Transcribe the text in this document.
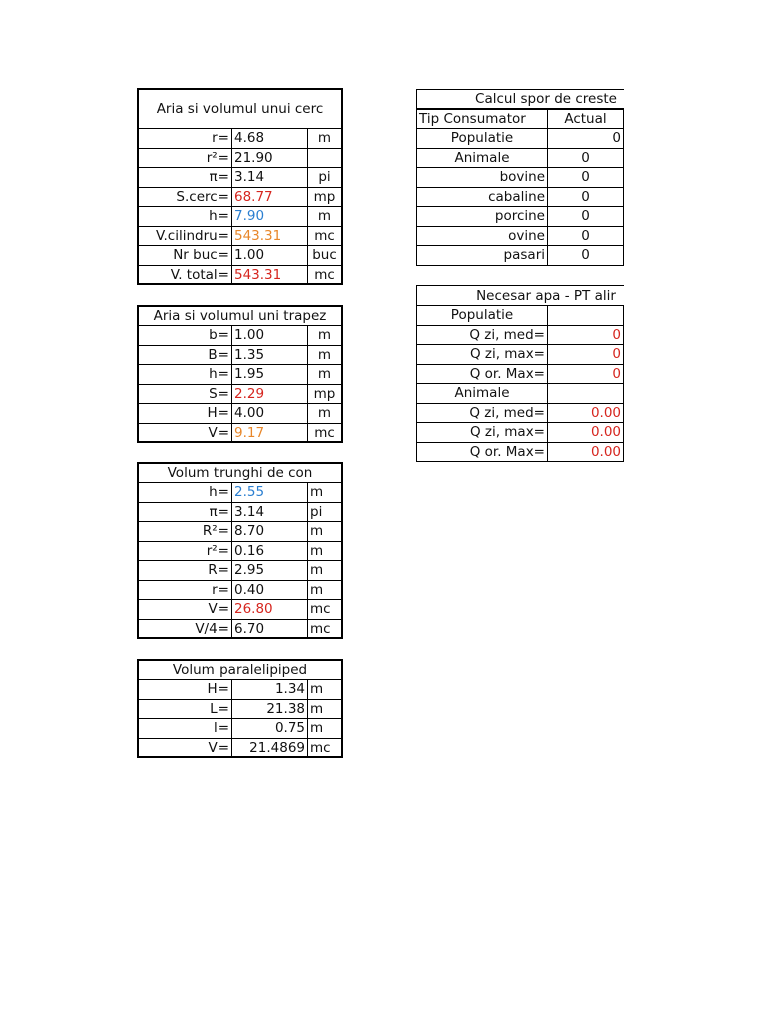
Aria si volumul unui cerc
r= 4.68	m
r²= 21.90
π= 3.14	pi
S.cerc= 68.77	mp
h= 7.90	m
V.cilindru= 543.31	mc
Nr buc= 1.00	buc
V. total= 543.31	mc
Aria si volumul uni trapez
b= 1.00	m
B= 1.35	m
h= 1.95	m
S= 2.29	mp
H= 4.00	m
V= 9.17	mc
Volum trunghi de con
h= 2.55	m
π= 3.14	pi
R²= 8.70	m
r²= 0.16	m
R= 2.95	m
r= 0.40	m
V= 26.80	mc
V/4= 6.70	mc
Volum paralelipiped
H=	1.34 m
L=	21.38 m
l=	0.75 m
V=	21.4869 mc
Calcul spor de creste
Tip Consumator	Actual
Populatie	0
Animale	0
bovine	0
cabaline	0
porcine	0
ovine	0
pasari	0
Necesar apa - PT alir
Populatie
Q zi, med=	0
Q zi, max=	0
Q or. Max=	0
Animale
Q zi, med=	0.00
Q zi, max=	0.00
Q or. Max=	0.00
